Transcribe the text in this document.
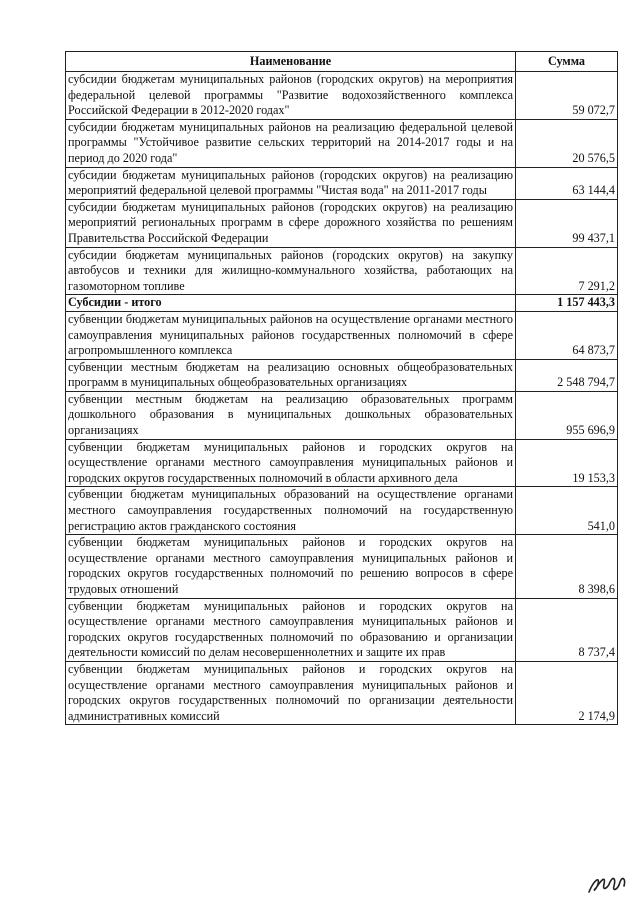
Наименование	Сумма
субсидии бюджетам муниципальных районов (городских округов) на мероприятия федеральной целевой программы "Развитие водохозяйственного комплекса Российской Федерации в 2012-2020 годах"	59 072,7
субсидии бюджетам муниципальных районов на реализацию федеральной целевой программы "Устойчивое развитие сельских территорий на 2014-2017 годы и на период до 2020 года"	20 576,5
субсидии бюджетам муниципальных районов (городских округов) на реализацию мероприятий федеральной целевой программы "Чистая вода" на 2011-2017 годы	63 144,4
субсидии бюджетам муниципальных районов (городских округов) на реализацию мероприятий региональных программ в сфере дорожного хозяйства по решениям Правительства Российской Федерации	99 437,1
субсидии бюджетам муниципальных районов (городских округов) на закупку автобусов и техники для жилищно-коммунального хозяйства, работающих на газомоторном топливе	7 291,2
Субсидии - итого	1 157 443,3
субвенции бюджетам муниципальных районов на осуществление органами местного самоуправления муниципальных районов государственных полномочий в сфере агропромышленного комплекса	64 873,7
субвенции местным бюджетам на реализацию основных общеобразовательных программ в муниципальных общеобразовательных организациях	2 548 794,7
субвенции местным бюджетам на реализацию образовательных программ дошкольного образования в муниципальных дошкольных образовательных организациях	955 696,9
субвенции бюджетам муниципальных районов и городских округов на осуществление органами местного самоуправления муниципальных районов и городских округов государственных полномочий в области архивного дела	19 153,3
субвенции бюджетам муниципальных образований на осуществление органами местного самоуправления государственных полномочий на государственную регистрацию актов гражданского состояния	541,0
субвенции бюджетам муниципальных районов и городских округов на осуществление органами местного самоуправления муниципальных районов и городских округов государственных полномочий по решению вопросов в сфере трудовых отношений	8 398,6
субвенции бюджетам муниципальных районов и городских округов на осуществление органами местного самоуправления муниципальных районов и городских округов государственных полномочий по образованию и организации деятельности комиссий по делам несовершеннолетних и защите их прав	8 737,4
субвенции бюджетам муниципальных районов и городских округов на осуществление органами местного самоуправления муниципальных районов и городских округов государственных полномочий по организации деятельности административных комиссий	2 174,9
